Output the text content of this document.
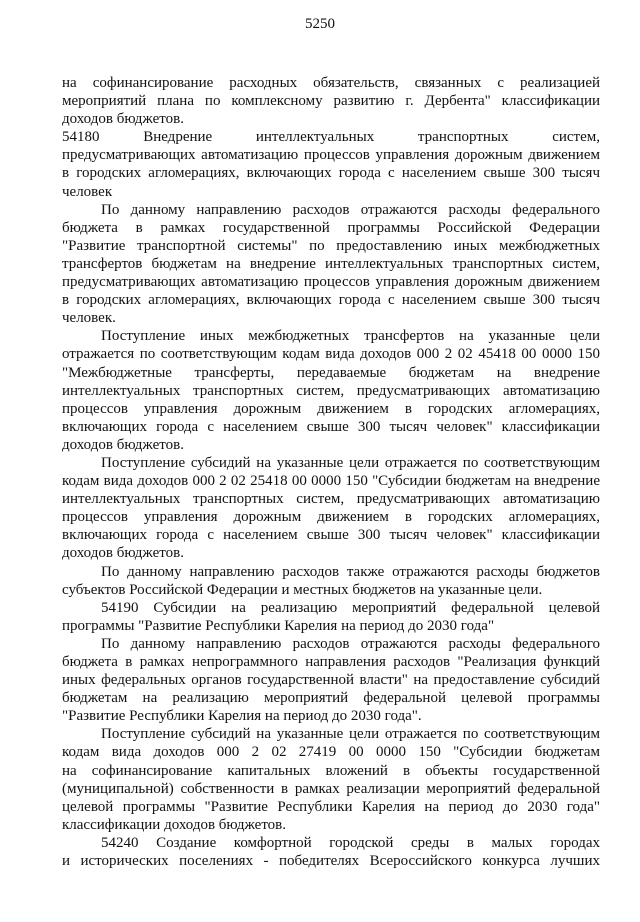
5250
на софинансирование расходных обязательств, связанных с реализацией
мероприятий плана по комплексному развитию г. Дербента" классификации
доходов бюджетов.
54180 Внедрение интеллектуальных транспортных систем,
предусматривающих автоматизацию процессов управления дорожным движением
в городских агломерациях, включающих города с населением свыше 300 тысяч
человек
По данному направлению расходов отражаются расходы федерального
бюджета в рамках государственной программы Российской Федерации
"Развитие транспортной системы" по предоставлению иных межбюджетных
трансфертов бюджетам на внедрение интеллектуальных транспортных систем,
предусматривающих автоматизацию процессов управления дорожным движением
в городских агломерациях, включающих города с населением свыше 300 тысяч
человек.
Поступление иных межбюджетных трансфертов на указанные цели
отражается по соответствующим кодам вида доходов 000 2 02 45418 00 0000 150
"Межбюджетные трансферты, передаваемые бюджетам на внедрение
интеллектуальных транспортных систем, предусматривающих автоматизацию
процессов управления дорожным движением в городских агломерациях,
включающих города с населением свыше 300 тысяч человек" классификации
доходов бюджетов.
Поступление субсидий на указанные цели отражается по соответствующим
кодам вида доходов 000 2 02 25418 00 0000 150 "Субсидии бюджетам на внедрение
интеллектуальных транспортных систем, предусматривающих автоматизацию
процессов управления дорожным движением в городских агломерациях,
включающих города с населением свыше 300 тысяч человек" классификации
доходов бюджетов.
По данному направлению расходов также отражаются расходы бюджетов
субъектов Российской Федерации и местных бюджетов на указанные цели.
54190 Субсидии на реализацию мероприятий федеральной целевой
программы "Развитие Республики Карелия на период до 2030 года"
По данному направлению расходов отражаются расходы федерального
бюджета в рамках непрограммного направления расходов "Реализация функций
иных федеральных органов государственной власти" на предоставление субсидий
бюджетам на реализацию мероприятий федеральной целевой программы
"Развитие Республики Карелия на период до 2030 года".
Поступление субсидий на указанные цели отражается по соответствующим
кодам вида доходов 000 2 02 27419 00 0000 150 "Субсидии бюджетам
на софинансирование капитальных вложений в объекты государственной
(муниципальной) собственности в рамках реализации мероприятий федеральной
целевой программы "Развитие Республики Карелия на период до 2030 года"
классификации доходов бюджетов.
54240 Создание комфортной городской среды в малых городах
и исторических поселениях - победителях Всероссийского конкурса лучших
